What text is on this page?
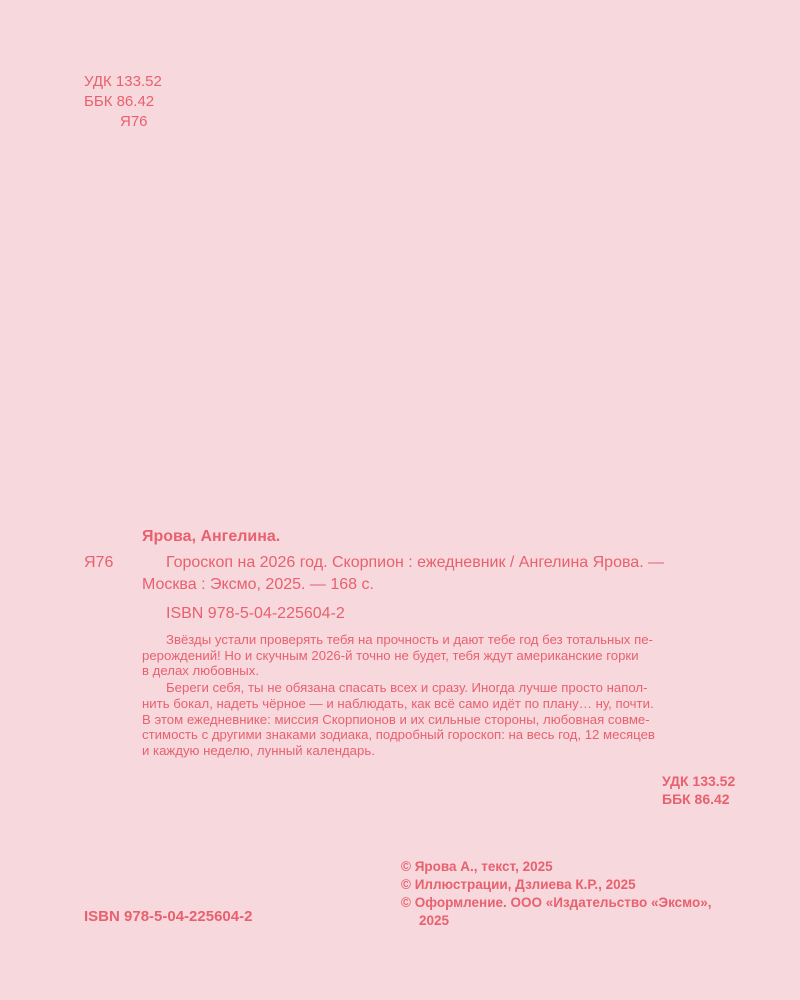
УДК 133.52
ББК 86.42
Я76
Ярова, Ангелина.
Я76	Гороскоп на 2026 год. Скорпион : ежедневник / Ангелина Ярова. —
Москва : Эксмо, 2025. — 168 с.
ISBN 978-5-04-225604-2

Звёзды устали проверять тебя на прочность и дают тебе год без тотальных пе-
рерождений! Но и скучным 2026-й точно не будет, тебя ждут американские горки
в делах любовных.

Береги себя, ты не обязана спасать всех и сразу. Иногда лучше просто напол-
нить бокал, надеть чёрное — и наблюдать, как всё само идёт по плану… ну, почти.
В этом ежедневнике: миссия Скорпионов и их сильные стороны, любовная совме-
стимость с другими знаками зодиака, подробный гороскоп: на весь год, 12 месяцев
и каждую неделю, лунный календарь.

УДК 133.52
ББК 86.42
© Ярова А., текст, 2025
© Иллюстрации, Дзлиева К.Р., 2025
© Оформление. ООО «Издательство «Эксмо»,
2025
ISBN 978-5-04-225604-2
